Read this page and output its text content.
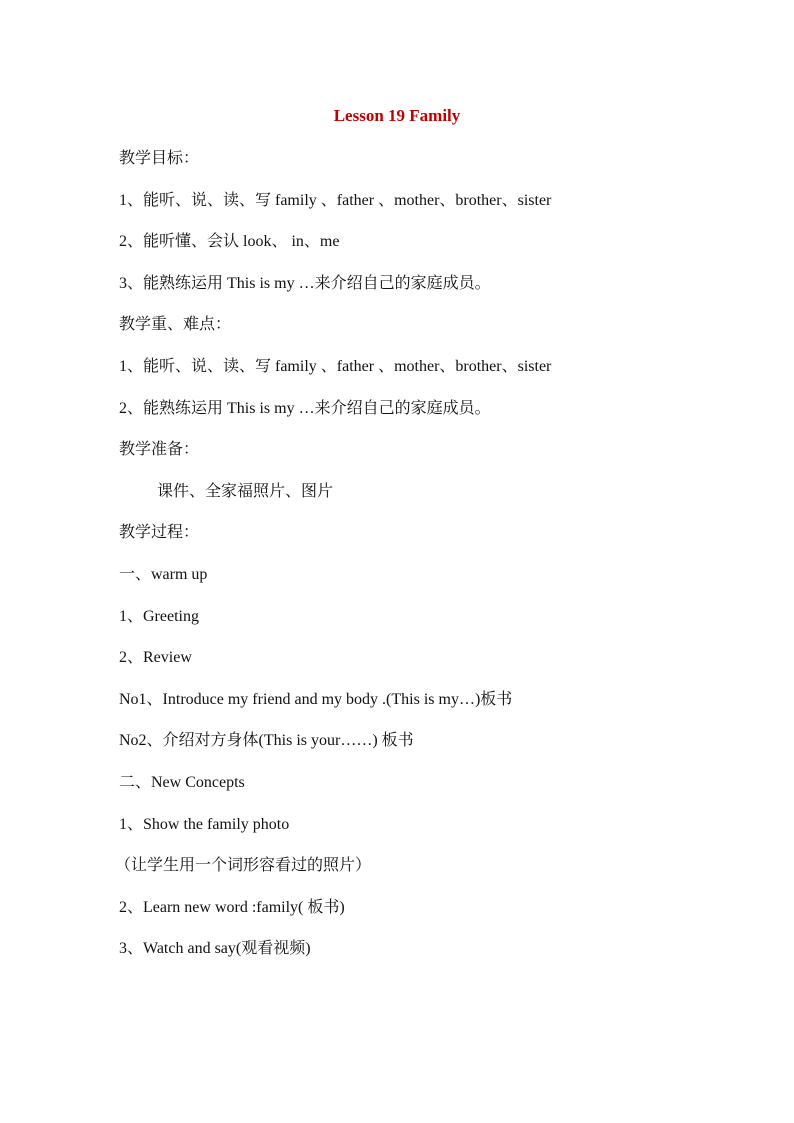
Lesson 19 Family
教学目标：
1、能听、说、读、写 family 、father 、mother、brother、sister
2、能听懂、会认 look、 in、me
3、能熟练运用 This is my …来介绍自己的家庭成员。
教学重、难点：
1、能听、说、读、写 family 、father 、mother、brother、sister
2、能熟练运用 This is my …来介绍自己的家庭成员。
教学准备：
课件、全家福照片、图片
教学过程：
一、warm up
1、Greeting
2、Review
No1、Introduce my friend and my body .(This is my…)板书
No2、介绍对方身体(This is your……) 板书
二、New Concepts
1、Show the family photo
（让学生用一个词形容看过的照片）
2、Learn new word :family( 板书)
3、Watch and say(观看视频)
